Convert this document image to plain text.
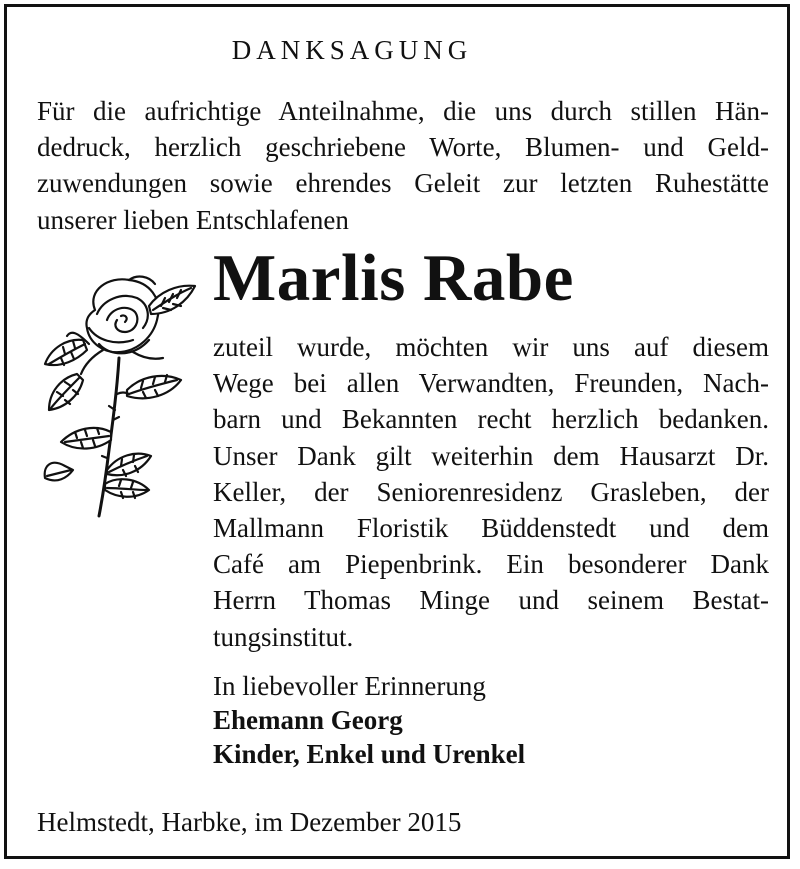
DANKSAGUNG
Für die aufrichtige Anteilnahme, die uns durch stillen Hän-
dedruck, herzlich geschriebene Worte, Blumen- und Geld-
zuwendungen sowie ehrendes Geleit zur letzten Ruhestätte
unserer lieben Entschlafenen
Marlis Rabe
zuteil wurde, möchten wir uns auf diesem
Wege bei allen Verwandten, Freunden, Nach-
barn und Bekannten recht herzlich bedanken.
Unser Dank gilt weiterhin dem Hausarzt Dr.
Keller, der Seniorenresidenz Grasleben, der
Mallmann Floristik Büddenstedt und dem
Café am Piepenbrink. Ein besonderer Dank
Herrn Thomas Minge und seinem Bestat-
tungsinstitut.
In liebevoller Erinnerung
Ehemann Georg
Kinder, Enkel und Urenkel
Helmstedt, Harbke, im Dezember 2015
